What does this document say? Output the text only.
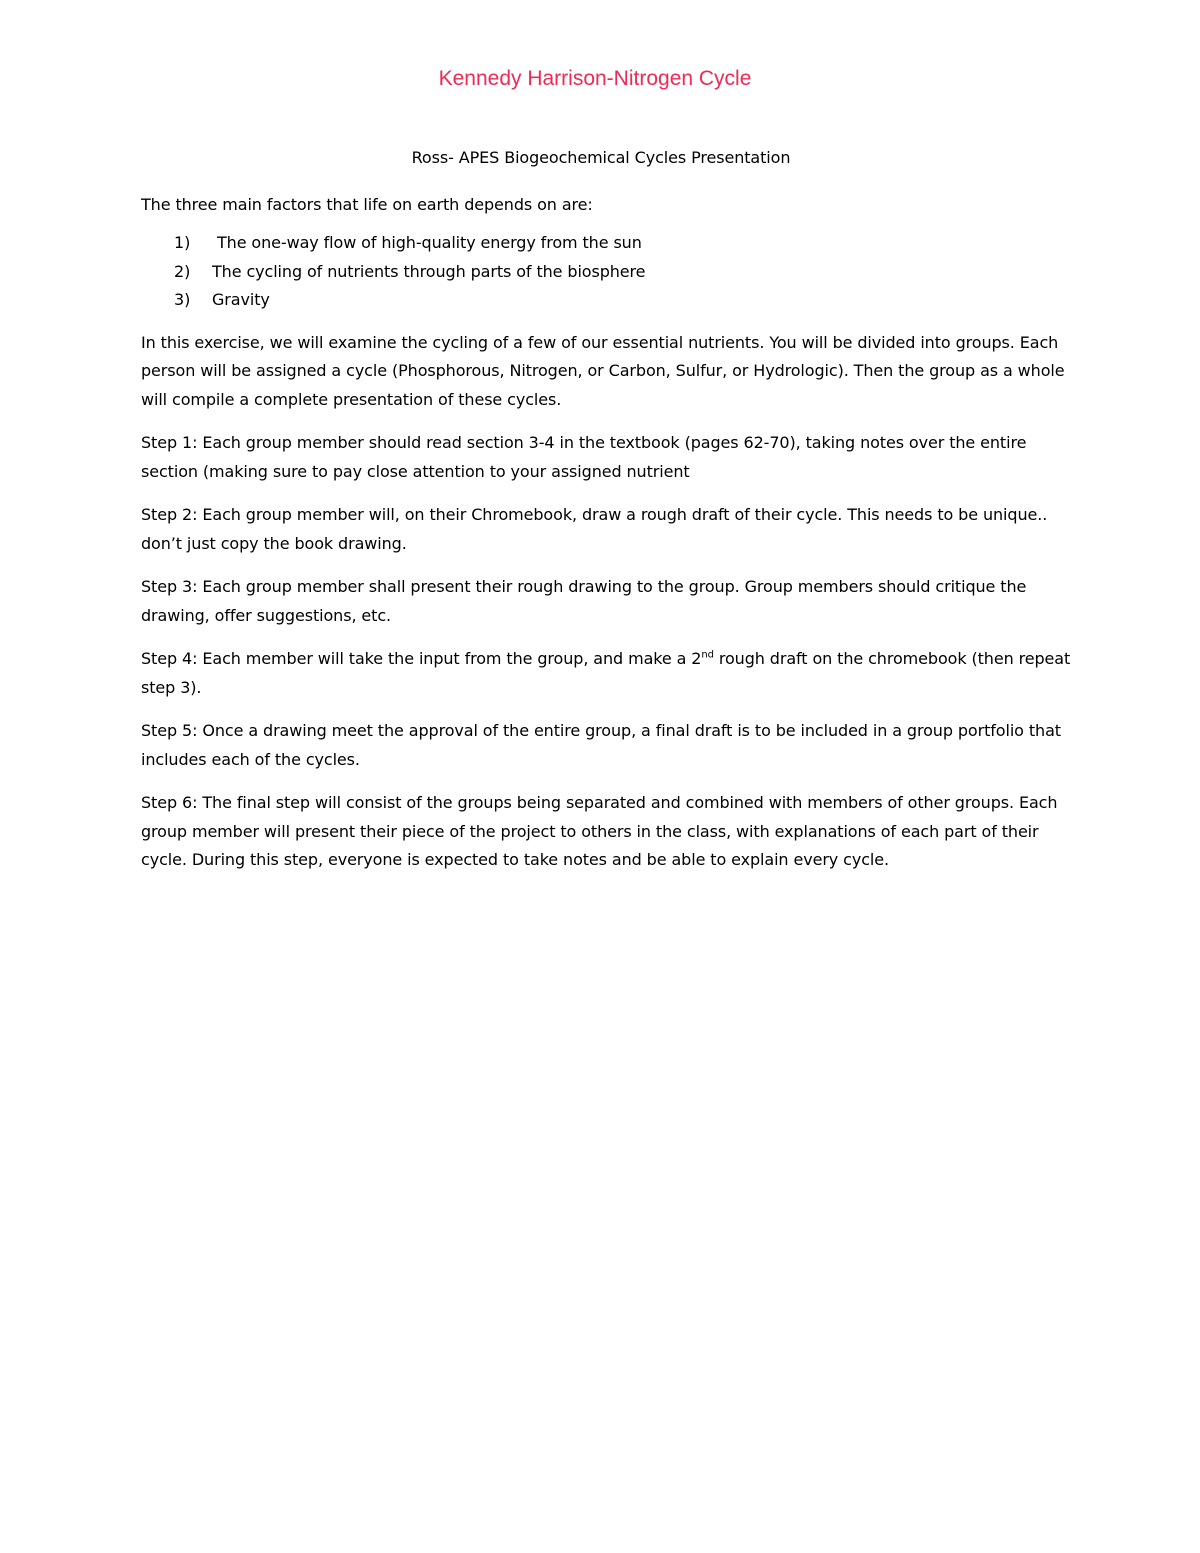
Kennedy Harrison-Nitrogen Cycle
Ross- APES Biogeochemical Cycles Presentation
The three main factors that life on earth depends on are:
1)	The one-way flow of high-quality energy from the sun
2)	The cycling of nutrients through parts of the biosphere
3)	Gravity

In this exercise, we will examine the cycling of a few of our essential nutrients. You will be divided into groups. Each person will be assigned a cycle (Phosphorous, Nitrogen, or Carbon, Sulfur, or Hydrologic). Then the group as a whole will compile a complete presentation of these cycles.

Step 1: Each group member should read section 3-4 in the textbook (pages 62-70), taking notes over the entire section (making sure to pay close attention to your assigned nutrient

Step 2: Each group member will, on their Chromebook, draw a rough draft of their cycle. This needs to be unique.. don’t just copy the book drawing.

Step 3: Each group member shall present their rough drawing to the group. Group members should critique the drawing, offer suggestions, etc.

Step 4: Each member will take the input from the group, and make a 2nd rough draft on the chromebook (then repeat step 3).

Step 5: Once a drawing meet the approval of the entire group, a final draft is to be included in a group portfolio that includes each of the cycles.

Step 6: The final step will consist of the groups being separated and combined with members of other groups. Each group member will present their piece of the project to others in the class, with explanations of each part of their cycle. During this step, everyone is expected to take notes and be able to explain every cycle.
